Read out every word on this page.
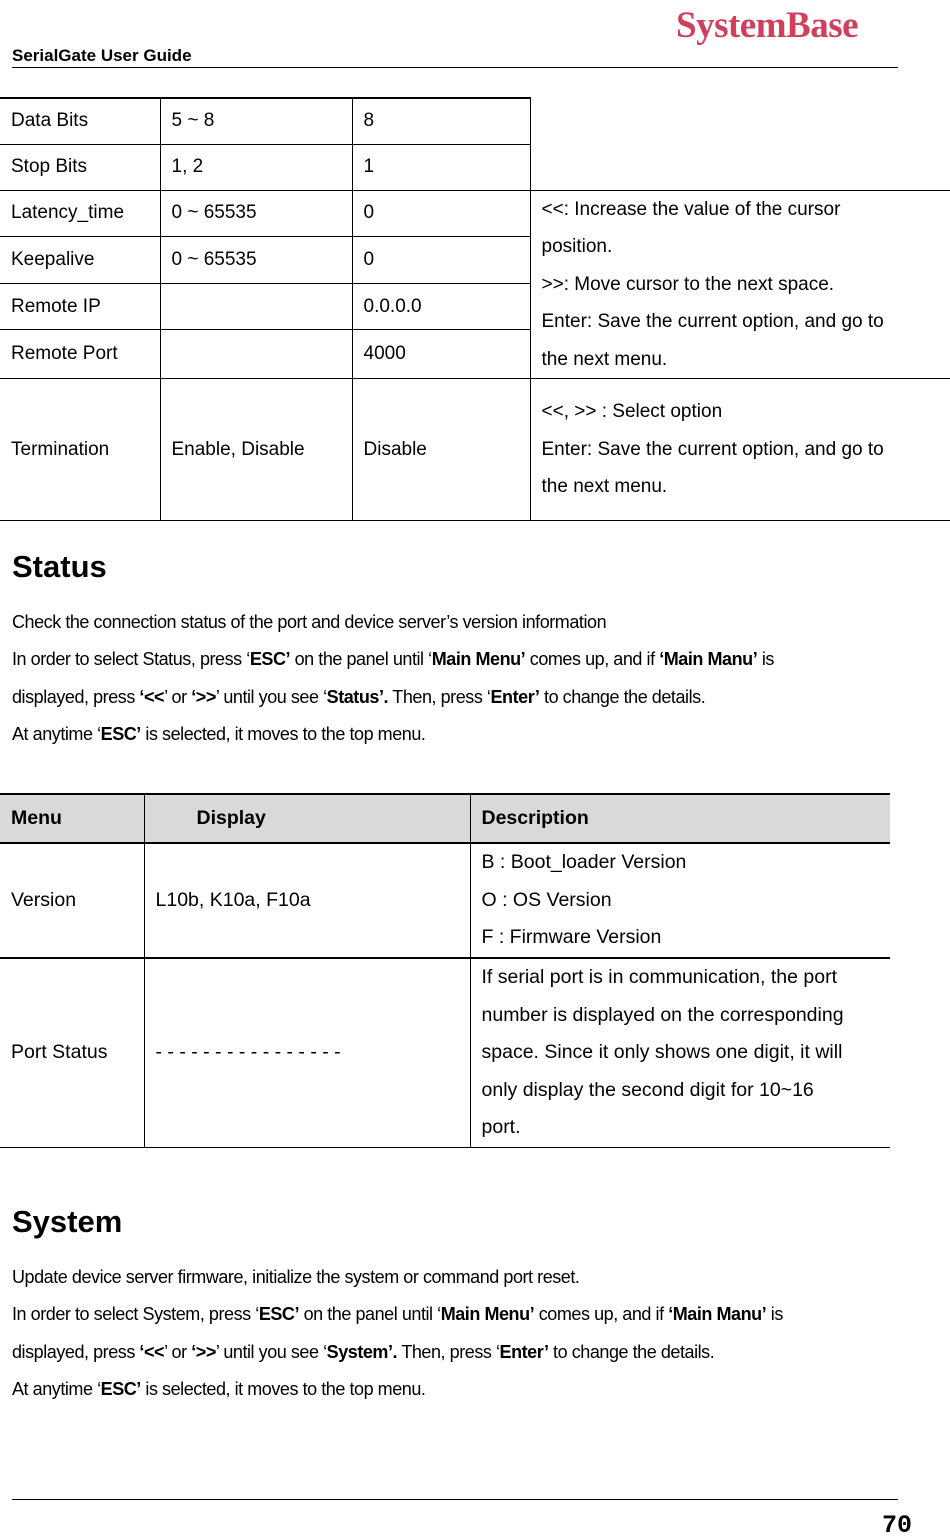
SerialGate User Guide
SystemBase
Data Bits	5 ~ 8	8	
Stop Bits	1, 2	1	
Latency_time	0 ~ 65535	0	<<: Increase the value of the cursor
position.
>>: Move cursor to the next space.
Enter: Save the current option, and go to
the next menu.

Keepalive	0 ~ 65535	0	
Remote IP		0.0.0.0	
Remote Port		4000	
Termination	Enable, Disable	Disable	<<, >> : Select option
Enter: Save the current option, and go to
the next menu.
Status
Check the connection status of the port and device server’s version information
In order to select Status, press ‘ESC’ on the panel until ‘Main Menu’ comes up, and if ‘Main Manu’ is
displayed, press ‘<<’ or ‘>>’ until you see ‘Status’. Then, press ‘Enter’ to change the details.
At anytime ‘ESC’ is selected, it moves to the top menu.
Menu	Display	Description
Version	L10b, K10a, F10a	B : Boot_loader Version
O : OS Version
F : Firmware Version

Port Status	- - - - - - - - - - - - - - - -	If serial port is in communication, the port
number is displayed on the corresponding
space. Since it only shows one digit, it will
only display the second digit for 10~16
port.
System
Update device server firmware, initialize the system or command port reset.
In order to select System, press ‘ESC’ on the panel until ‘Main Menu’ comes up, and if ‘Main Manu’ is
displayed, press ‘<<’ or ‘>>’ until you see ‘System’. Then, press ‘Enter’ to change the details.
At anytime ‘ESC’ is selected, it moves to the top menu.
70
